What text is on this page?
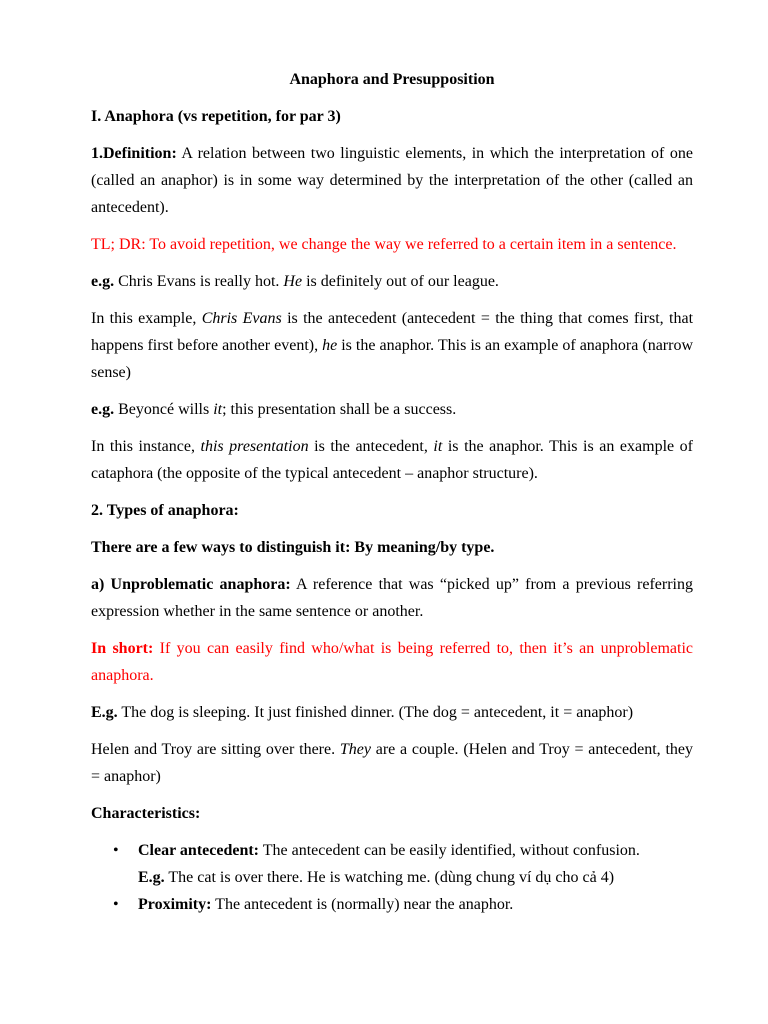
Anaphora and Presupposition

I. Anaphora (vs repetition, for par 3)

1.Definition: A relation between two linguistic elements, in which the interpretation of one (called an anaphor) is in some way determined by the interpretation of the other (called an antecedent).

TL; DR: To avoid repetition, we change the way we referred to a certain item in a sentence.

e.g. Chris Evans is really hot. He is definitely out of our league.

In this example, Chris Evans is the antecedent (antecedent = the thing that comes first, that happens first before another event), he is the anaphor. This is an example of anaphora (narrow sense)

e.g. Beyoncé wills it; this presentation shall be a success.

In this instance, this presentation is the antecedent, it is the anaphor. This is an example of cataphora (the opposite of the typical antecedent – anaphor structure).

2. Types of anaphora:

There are a few ways to distinguish it: By meaning/by type.

a) Unproblematic anaphora: A reference that was “picked up” from a previous referring expression whether in the same sentence or another.

In short: If you can easily find who/what is being referred to, then it’s an unproblematic anaphora.

E.g. The dog is sleeping. It just finished dinner. (The dog = antecedent, it = anaphor)

Helen and Troy are sitting over there. They are a couple. (Helen and Troy = antecedent, they = anaphor)

Characteristics:

• Clear antecedent: The antecedent can be easily identified, without confusion.
E.g. The cat is over there. He is watching me. (dùng chung ví dụ cho cả 4)
• Proximity: The antecedent is (normally) near the anaphor.
